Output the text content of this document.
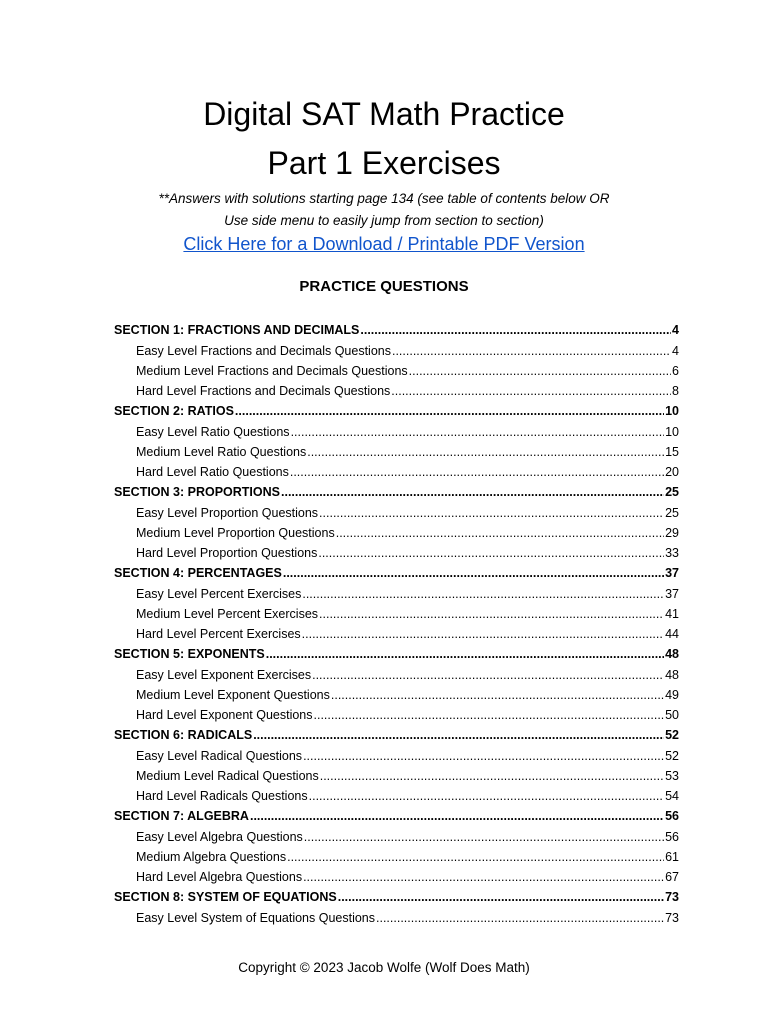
Digital SAT Math Practice
Part 1 Exercises
**Answers with solutions starting page 134 (see table of contents below OR
Use side menu to easily jump from section to section)
Click Here for a Download / Printable PDF Version
PRACTICE QUESTIONS
SECTION 1: FRACTIONS AND DECIMALS .....	4
Easy Level Fractions and Decimals Questions .....	4
Medium Level Fractions and Decimals Questions .....	6
Hard Level Fractions and Decimals Questions .....	8
SECTION 2: RATIOS .....	10
Easy Level Ratio Questions .....	10
Medium Level Ratio Questions .....	15
Hard Level Ratio Questions .....	20
SECTION 3: PROPORTIONS .....	25
Easy Level Proportion Questions .....	25
Medium Level Proportion Questions .....	29
Hard Level Proportion Questions .....	33
SECTION 4: PERCENTAGES .....	37
Easy Level Percent Exercises .....	37
Medium Level Percent Exercises .....	41
Hard Level Percent Exercises .....	44
SECTION 5: EXPONENTS .....	48
Easy Level Exponent Exercises .....	48
Medium Level Exponent Questions .....	49
Hard Level Exponent Questions .....	50
SECTION 6: RADICALS .....	52
Easy Level Radical Questions .....	52
Medium Level Radical Questions .....	53
Hard Level Radicals Questions .....	54
SECTION 7: ALGEBRA .....	56
Easy Level Algebra Questions .....	56
Medium Algebra Questions .....	61
Hard Level Algebra Questions .....	67
SECTION 8: SYSTEM OF EQUATIONS .....	73
Easy Level System of Equations Questions .....	73
Copyright © 2023 Jacob Wolfe (Wolf Does Math)
